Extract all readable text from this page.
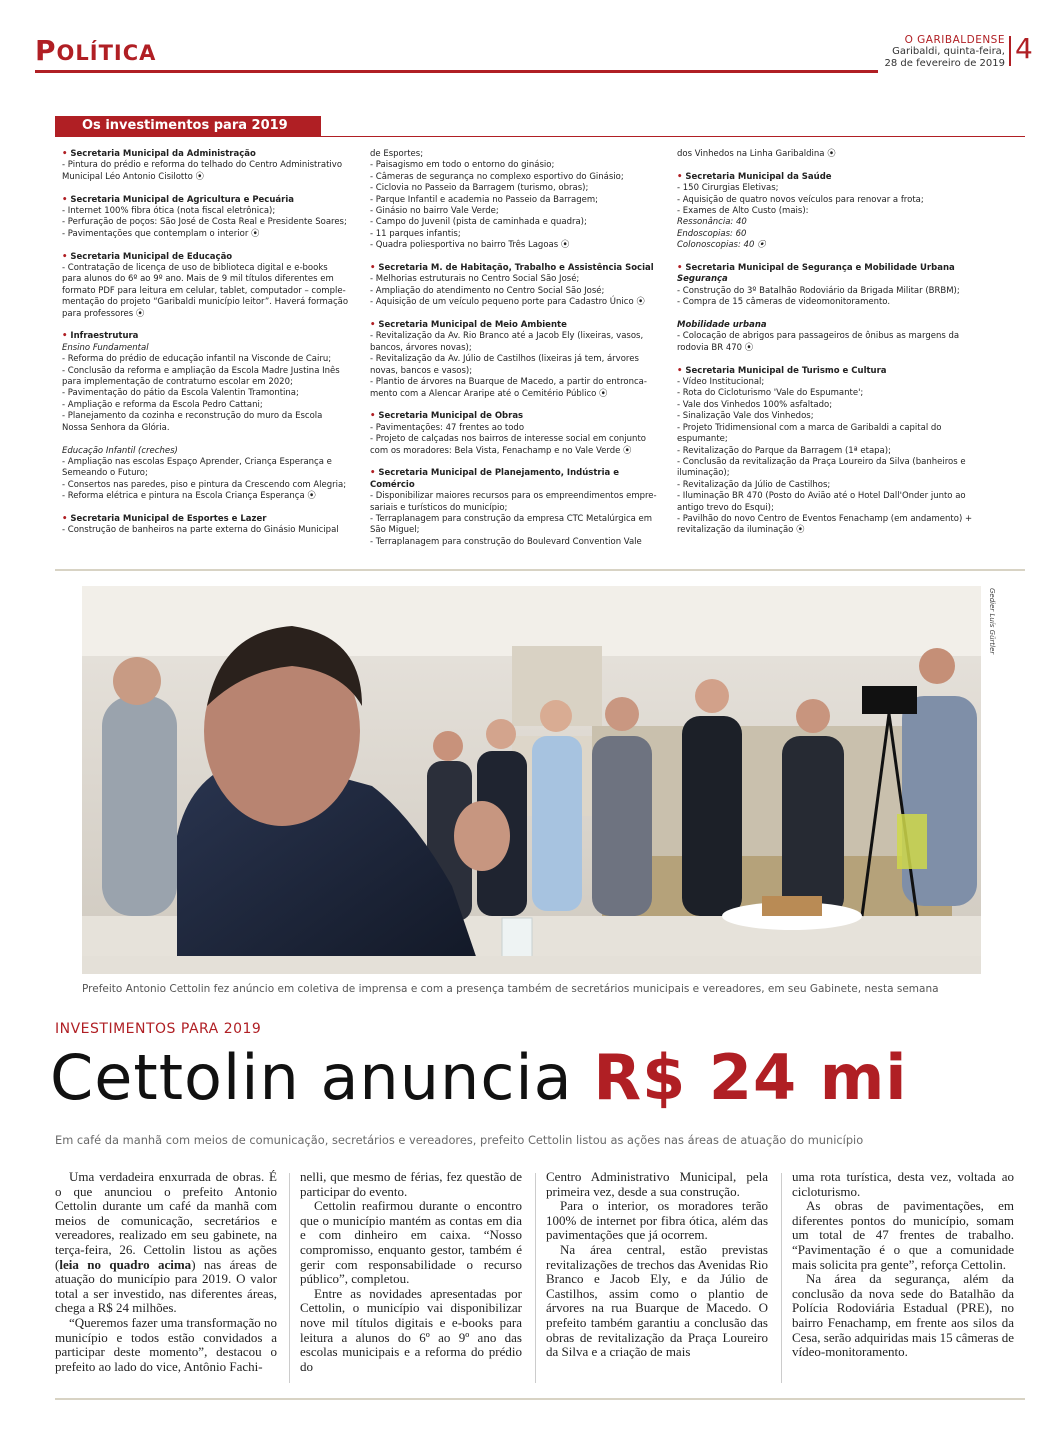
POLÍTICA
O GARIBALDENSE
Garibaldi, quinta-feira,
28 de fevereiro de 2019 4
Os investimentos para 2019
• Secretaria Municipal da Administração
- Pintura do prédio e reforma do telhado do Centro Administrativo
Municipal Léo Antonio Cisilotto ⦿
• Secretaria Municipal de Agricultura e Pecuária
- Internet 100% fibra ótica (nota fiscal eletrônica);
- Perfuração de poços: São José de Costa Real e Presidente Soares;
- Pavimentações que contemplam o interior ⦿
• Secretaria Municipal de Educação
- Contratação de licença de uso de biblioteca digital e e-books
para alunos do 6º ao 9º ano. Mais de 9 mil títulos diferentes em
formato PDF para leitura em celular, tablet, computador – comple-
mentação do projeto “Garibaldi município leitor”. Haverá formação
para professores ⦿
• Infraestrutura
Ensino Fundamental
- Reforma do prédio de educação infantil na Visconde de Cairu;
- Conclusão da reforma e ampliação da Escola Madre Justina Inês
para implementação de contraturno escolar em 2020;
- Pavimentação do pátio da Escola Valentin Tramontina;
- Ampliação e reforma da Escola Pedro Cattani;
- Planejamento da cozinha e reconstrução do muro da Escola
Nossa Senhora da Glória.
Educação Infantil (creches)
- Ampliação nas escolas Espaço Aprender, Criança Esperança e
Semeando o Futuro;
- Consertos nas paredes, piso e pintura da Crescendo com Alegria;
- Reforma elétrica e pintura na Escola Criança Esperança ⦿
• Secretaria Municipal de Esportes e Lazer
- Construção de banheiros na parte externa do Ginásio Municipal
de Esportes;
- Paisagismo em todo o entorno do ginásio;
- Câmeras de segurança no complexo esportivo do Ginásio;
- Ciclovia no Passeio da Barragem (turismo, obras);
- Parque Infantil e academia no Passeio da Barragem;
- Ginásio no bairro Vale Verde;
- Campo do Juvenil (pista de caminhada e quadra);
- 11 parques infantis;
- Quadra poliesportiva no bairro Três Lagoas ⦿
• Secretaria M. de Habitação, Trabalho e Assistência Social
- Melhorias estruturais no Centro Social São José;
- Ampliação do atendimento no Centro Social São José;
- Aquisição de um veículo pequeno porte para Cadastro Único ⦿
• Secretaria Municipal de Meio Ambiente
- Revitalização da Av. Rio Branco até a Jacob Ely (lixeiras, vasos,
bancos, árvores novas);
- Revitalização da Av. Júlio de Castilhos (lixeiras já tem, árvores
novas, bancos e vasos);
- Plantio de árvores na Buarque de Macedo, a partir do entronca-
mento com a Alencar Araripe até o Cemitério Público ⦿
• Secretaria Municipal de Obras
- Pavimentações: 47 frentes ao todo
- Projeto de calçadas nos bairros de interesse social em conjunto
com os moradores: Bela Vista, Fenachamp e no Vale Verde ⦿
• Secretaria Municipal de Planejamento, Indústria e Comércio
- Disponibilizar maiores recursos para os empreendimentos empre-
sariais e turísticos do município;
- Terraplanagem para construção da empresa CTC Metalúrgica em
São Miguel;
- Terraplanagem para construção do Boulevard Convention Vale
dos Vinhedos na Linha Garibaldina ⦿
• Secretaria Municipal da Saúde
- 150 Cirurgias Eletivas;
- Aquisição de quatro novos veículos para renovar a frota;
- Exames de Alto Custo (mais):
Ressonância: 40
Endoscopias: 60
Colonoscopias: 40 ⦿
• Secretaria Municipal de Segurança e Mobilidade Urbana
Segurança
- Construção do 3º Batalhão Rodoviário da Brigada Militar (BRBM);
- Compra de 15 câmeras de videomonitoramento.
Mobilidade urbana
- Colocação de abrigos para passageiros de ônibus as margens da
rodovia BR 470 ⦿
• Secretaria Municipal de Turismo e Cultura
- Vídeo Institucional;
- Rota do Cicloturismo 'Vale do Espumante';
- Vale dos Vinhedos 100% asfaltado;
- Sinalização Vale dos Vinhedos;
- Projeto Tridimensional com a marca de Garibaldi a capital do
espumante;
- Revitalização do Parque da Barragem (1ª etapa);
- Conclusão da revitalização da Praça Loureiro da Silva (banheiros e
iluminação);
- Revitalização da Júlio de Castilhos;
- Iluminação BR 470 (Posto do Avião até o Hotel Dall'Onder junto ao
antigo trevo do Esqui);
- Pavilhão do novo Centro de Eventos Fenachamp (em andamento) +
revitalização da iluminação ⦿
Gedier Luís Gürtler
Prefeito Antonio Cettolin fez anúncio em coletiva de imprensa e com a presença também de secretários municipais e vereadores, em seu Gabinete, nesta semana
INVESTIMENTOS PARA 2019
Cettolin anuncia R$ 24 mi
Em café da manhã com meios de comunicação, secretários e vereadores, prefeito Cettolin listou as ações nas áreas de atuação do município

Uma verdadeira enxurrada de obras. É o que anunciou o prefeito Antonio Cettolin durante um café da manhã com meios de comunicação, secretários e vereadores, realizado em seu gabinete, na terça-feira, 26. Cettolin listou as ações (leia no quadro acima) nas áreas de atuação do município para 2019. O valor total a ser investido, nas diferentes áreas, chega a R$ 24 milhões.

“Queremos fazer uma transformação no município e todos estão convidados a participar deste momento”, destacou o prefeito ao lado do vice, Antônio Fachi-

nelli, que mesmo de férias, fez questão de participar do evento.

Cettolin reafirmou durante o encontro que o município mantém as contas em dia e com dinheiro em caixa. “Nosso compromisso, enquanto gestor, também é gerir com responsabilidade o recurso público”, completou.

Entre as novidades apresentadas por Cettolin, o município vai disponibilizar nove mil títulos digitais e e-books para leitura a alunos do 6º ao 9º ano das escolas municipais e a reforma do prédio do

Centro Administrativo Municipal, pela primeira vez, desde a sua construção.

Para o interior, os moradores terão 100% de internet por fibra ótica, além das pavimentações que já ocorrem.

Na área central, estão previstas revitalizações de trechos das Avenidas Rio Branco e Jacob Ely, e da Júlio de Castilhos, assim como o plantio de árvores na rua Buarque de Macedo. O prefeito também garantiu a conclusão das obras de revitalização da Praça Loureiro da Silva e a criação de mais

uma rota turística, desta vez, voltada ao cicloturismo.

As obras de pavimentações, em diferentes pontos do município, somam um total de 47 frentes de trabalho. “Pavimentação é o que a comunidade mais solicita pra gente”, reforça Cettolin.

Na área da segurança, além da conclusão da nova sede do Batalhão da Polícia Rodoviária Estadual (PRE), no bairro Fenachamp, em frente aos silos da Cesa, serão adquiridas mais 15 câmeras de vídeo-monitoramento.
